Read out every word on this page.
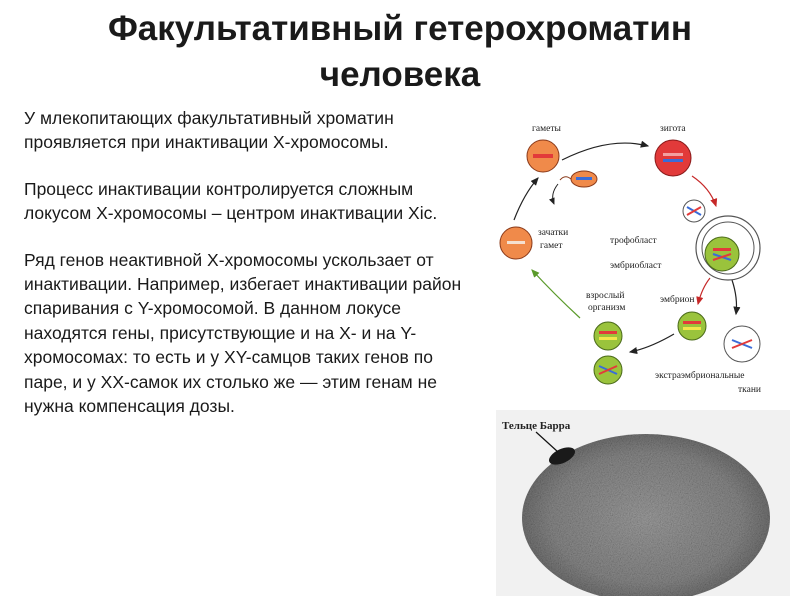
Факультативный гетерохроматин
человека

У млекопитающих факультативный хроматин проявляется при инактивации Х-хромосомы.

Процесс инактивации контролируется сложным локусом Х-хромосомы – центром инактивации Xic.

Ряд генов неактивной Х-хромосомы ускользает от инактивации. Например, избегает инактивации район спаривания с Y-хромосомой. В данном локусе находятся гены, присутствующие и на Х- и на Y-хромосомах: то есть и у XY-самцов таких генов по паре, и у XX-самок их столько же — этим генам не нужна компенсация дозы.

гаметы	зигота
зачатки
гамет	трофобласт
эмбриобласт
взрослый
организм
эмбрион
экстраэмбриональные
ткани
Тельце Барра
